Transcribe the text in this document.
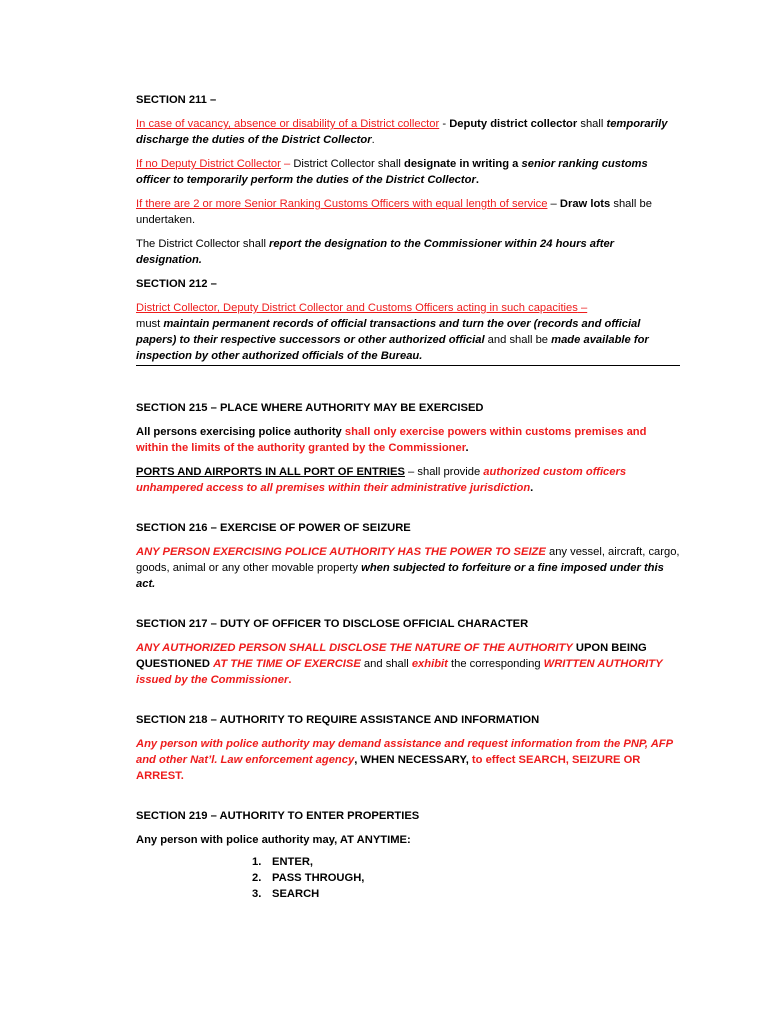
SECTION 211 –

In case of vacancy, absence or disability of a District collector - Deputy district collector shall temporarily discharge the duties of the District Collector.

If no Deputy District Collector – District Collector shall designate in writing a senior ranking customs officer to temporarily perform the duties of the District Collector.

If there are 2 or more Senior Ranking Customs Officers with equal length of service – Draw lots shall be undertaken.

The District Collector shall report the designation to the Commissioner within 24 hours after designation.

SECTION 212 –

District Collector, Deputy District Collector and Customs Officers acting in such capacities –
must maintain permanent records of official transactions and turn the over (records and official papers) to their respective successors or other authorized official and shall be made available for inspection by other authorized officials of the Bureau.

SECTION 215 – PLACE WHERE AUTHORITY MAY BE EXERCISED

All persons exercising police authority shall only exercise powers within customs premises and within the limits of the authority granted by the Commissioner.

PORTS AND AIRPORTS IN ALL PORT OF ENTRIES – shall provide authorized custom officers unhampered access to all premises within their administrative jurisdiction.

SECTION 216 – EXERCISE OF POWER OF SEIZURE

ANY PERSON EXERCISING POLICE AUTHORITY HAS THE POWER TO SEIZE any vessel, aircraft, cargo, goods, animal or any other movable property when subjected to forfeiture or a fine imposed under this act.

SECTION 217 – DUTY OF OFFICER TO DISCLOSE OFFICIAL CHARACTER

ANY AUTHORIZED PERSON SHALL DISCLOSE THE NATURE OF THE AUTHORITY UPON BEING QUESTIONED AT THE TIME OF EXERCISE and shall exhibit the corresponding WRITTEN AUTHORITY issued by the Commissioner.

SECTION 218 – AUTHORITY TO REQUIRE ASSISTANCE AND INFORMATION

Any person with police authority may demand assistance and request information from the PNP, AFP and other Nat’l. Law enforcement agency, WHEN NECESSARY, to effect SEARCH, SEIZURE OR ARREST.

SECTION 219 – AUTHORITY TO ENTER PROPERTIES

Any person with police authority may, AT ANYTIME:

1. ENTER,
2. PASS THROUGH,
3. SEARCH
